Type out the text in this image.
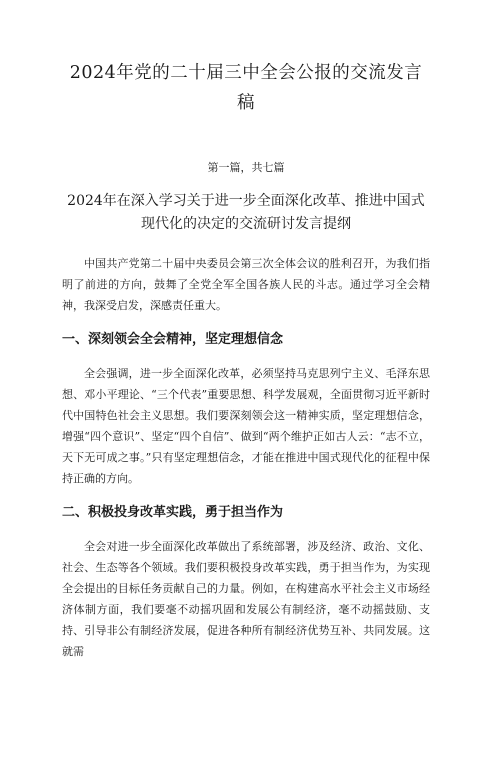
2024年党的二十届三中全会公报的交流发言稿
第一篇，共七篇
2024年在深入学习关于进一步全面深化改革、推进中国式现代化的决定的交流研讨发言提纲

中国共产党第二十届中央委员会第三次全体会议的胜利召开，为我们指明了前进的方向，鼓舞了全党全军全国各族人民的斗志。通过学习全会精神，我深受启发，深感责任重大。

一、深刻领会全会精神，坚定理想信念

全会强调，进一步全面深化改革，必须坚持马克思列宁主义、毛泽东思想、邓小平理论、“三个代表”重要思想、科学发展观，全面贯彻习近平新时代中国特色社会主义思想。我们要深刻领会这一精神实质，坚定理想信念，增强“四个意识”、坚定“四个自信”、做到“两个维护正如古人云：“志不立，天下无可成之事。”只有坚定理想信念，才能在推进中国式现代化的征程中保持正确的方向。

二、积极投身改革实践，勇于担当作为

全会对进一步全面深化改革做出了系统部署，涉及经济、政治、文化、社会、生态等各个领域。我们要积极投身改革实践，勇于担当作为，为实现全会提出的目标任务贡献自己的力量。例如，在构建高水平社会主义市场经济体制方面，我们要毫不动摇巩固和发展公有制经济，毫不动摇鼓励、支持、引导非公有制经济发展，促进各种所有制经济优势互补、共同发展。这就需
